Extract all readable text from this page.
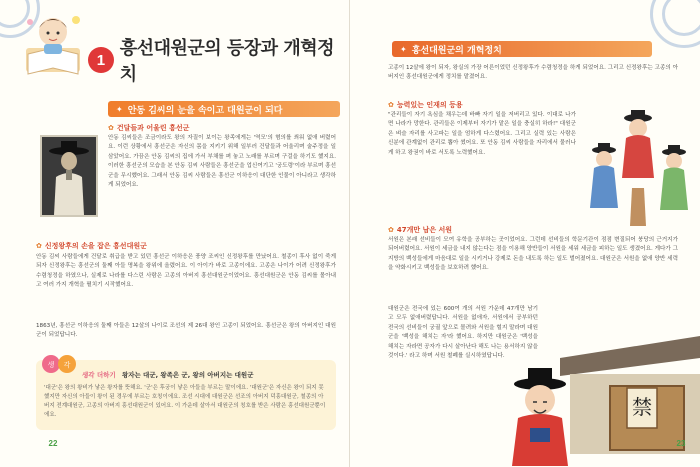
1
흥선대원군의 등장과 개혁정치
✦ 안동 김씨의 눈을 속이고 대원군이 되다
✿ 건달들과 어울린 흥선군

안동 김씨들은 조금이라도 왕의 자질이 보이는 왕족에게는 '역모'의 혐의를 씌워 없애 버렸어요. 이런 상황에서 흥선군은 자신의 몸을 지키기 위해 일부러 건달들과 어울리며 술주정을 일삼았어요. 가끔은 안동 김씨의 집에 가서 부채를 펴 놓고 노래를 부르며 구걸을 하기도 했지요. 이러한 흥선군의 모습을 본 안동 김씨 사람들은 흥선군을 업신여기고 '궁도령'이라 부르며 흥선군을 무시했어요. 그래서 안동 김씨 사람들은 흥선군 이하응이 대단한 인물이 아니라고 생각하게 되었어요.

✿ 신정왕후의 손을 잡은 흥선대원군

안동 김씨 사람들에게 건달로 취급을 받고 있던 흥선군 이하응은 풍양 조씨인 신정왕후를 만났어요. 철종이 후사 없이 죽게 되자 신정왕후는 흥선군의 둘째 아들 명복을 왕위에 올렸어요. 이 아이가 바로 고종이에요. 고종은 나이가 어려 신정왕후가 수렴청정을 하였으나, 실제로 나라를 다스린 사람은 고종의 아버지 흥선대원군이었어요. 흥선대원군은 안동 김씨를 몰아내고 여러 가지 개혁을 펼치기 시작했어요.

1863년, 흥선군 이하응의 둘째 아들은 12살의 나이로 조선의 제 26대 왕인 고종이 되었어요. 흥선군은 왕의 아버지인 대원군이 되었답니다.

생 각
생각 더하기 왕자는 대군, 왕족은 군, 왕의 아버지는 대원군

'대군'은 왕의 왕비가 낳은 왕자를 뜻해요. '군'은 후궁이 낳은 아들을 부르는 말이에요. '대원군'은 자신은 왕이 되지 못했지만 자신의 아들이 왕이 된 경우에 부르는 호칭이에요. 조선 시대에 대원군은 선조의 아버지 덕흥대원군, 철종의 아버지 전계대원군, 고종의 아버지 흥선대원군이 있어요. 이 가운데 살아서 대원군의 칭호를 받은 사람은 흥선대원군뿐이에요.

22
✦ 흥선대원군의 개혁정치

고종이 12살에 왕이 되자, 왕실의 가장 어른이었던 신정왕후가 수렴청정을 하게 되었어요. 그리고 신정왕후는 고종의 아버지인 흥선대원군에게 정치를 맡겼어요.

✿ 능력있는 인재의 등용

"관리들이 자기 욕심을 채우는데 바빠 자기 일을 저버리고 있다. 이대로 나가면 나라가 망한다. 관리들은 이제부터 자기가 맡은 일을 충실히 하라!" 대원군은 벼슬 자리를 사고파는 일을 엄하게 다스렸어요. 그리고 실력 있는 사람은 신분에 관계없이 관리로 뽑아 썼어요. 또 안동 김씨 사람들을 자리에서 물러나게 하고 왕권이 바로 서도록 노력했어요.

✿ 47개만 남은 서원

서원은 본래 선비들이 모여 유학을 공부하는 곳이었어요. 그런데 선비들의 학문기관이 점점 변질되어 붕당의 근거지가 되어버렸어요. 서원이 세금을 내지 않는다는 점을 이용해 양반들이 서원을 세워 세금을 피하는 일도 생겼어요. 게다가 그 지방의 백성들에게 마음대로 일을 시키거나 강제로 돈을 내도록 하는 일도 벌어졌어요. 대원군은 서원을 없애 양반 세력을 약화시키고 백성들을 보호하려 했어요.

대원군은 전국에 있는 600여 개의 서원 가운데 47개만 남기고 모두 없애버렸답니다. 서원을 없애자, 서원에서 공부하던 전국의 선비들이 궁궐 앞으로 몰려와 서원을 헐지 말라며 대원군을 '백성을 해치는 자'라 했어요. 하지만 대원군은 '백성을 해치는 자라면 공자가 다시 살아난다 해도 나는 용서하지 않을 것이다.' 라고 하며 서원 철폐를 실시하였답니다.

禁
23
